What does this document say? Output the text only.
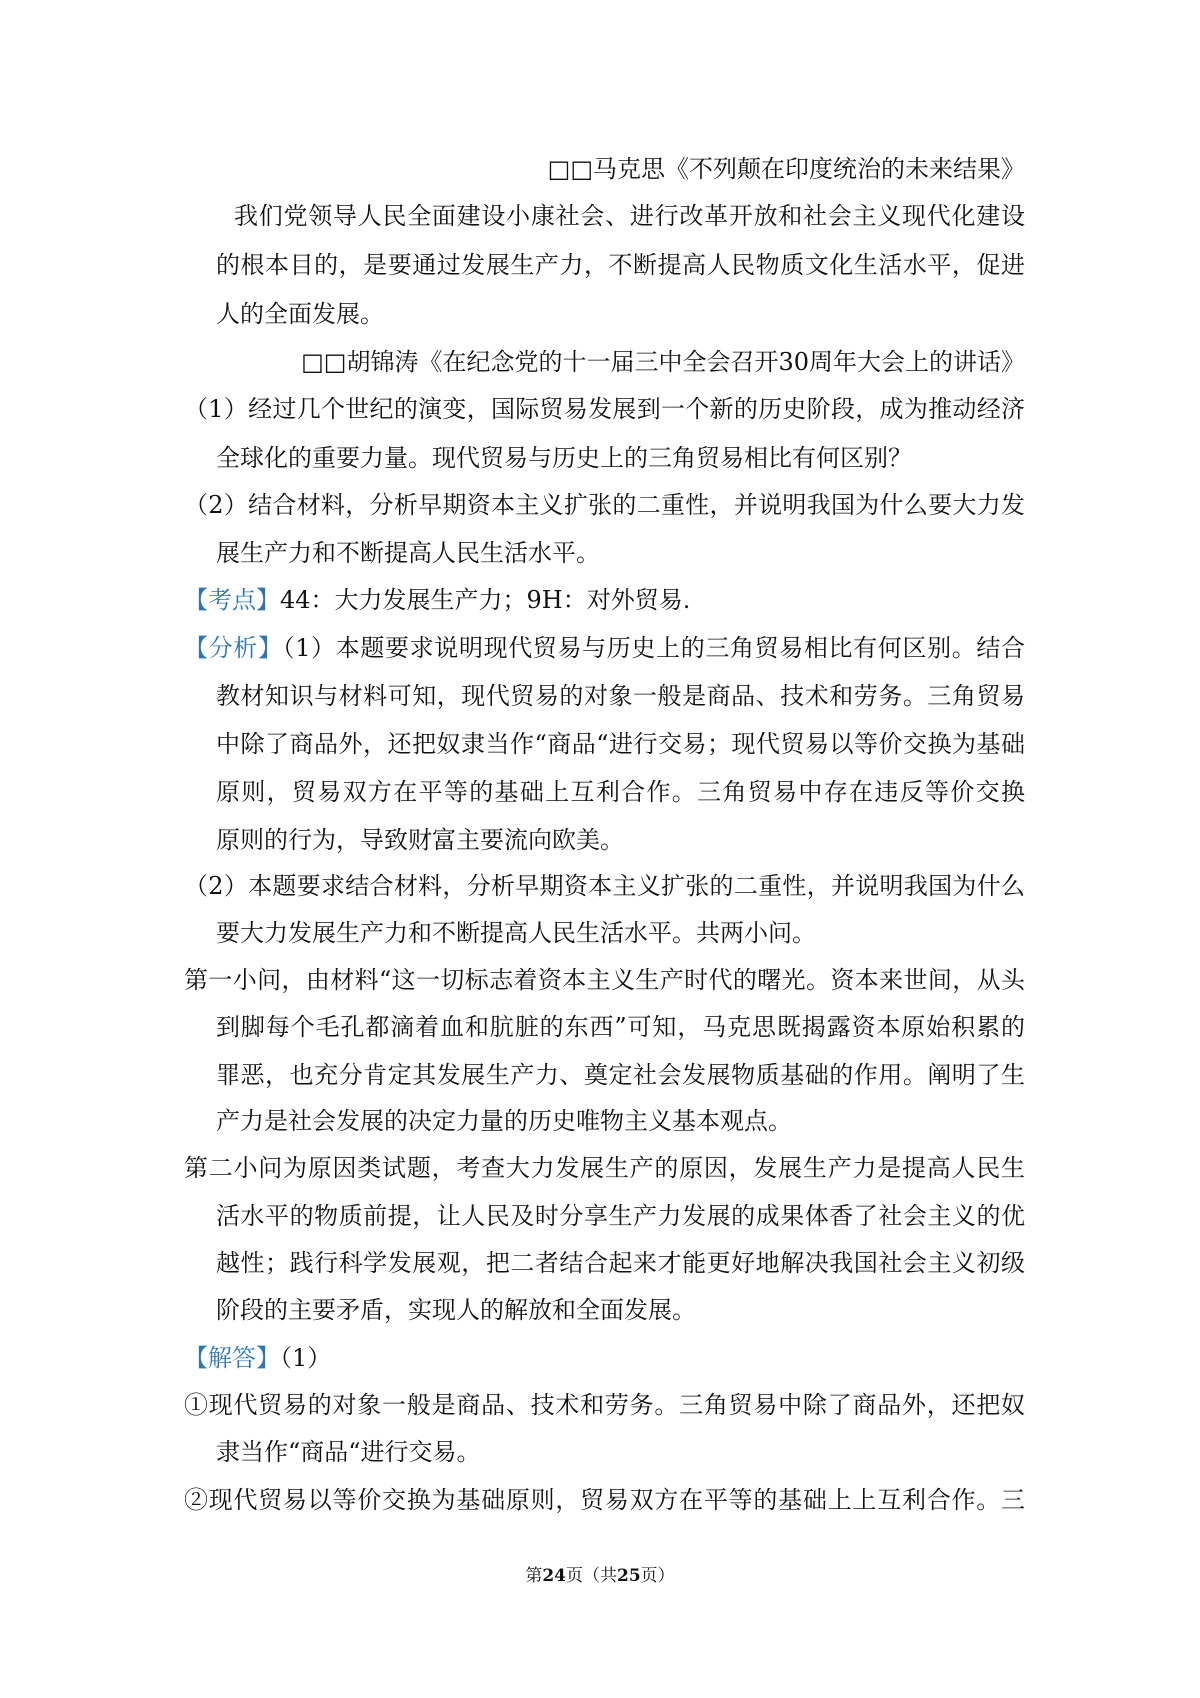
□□马克思《不列颠在印度统治的未来结果》
我们党领导人民全面建设小康社会、进行改革开放和社会主义现代化建设
的根本目的，是要通过发展生产力，不断提高人民物质文化生活水平，促进
人的全面发展。
□□胡锦涛《在纪念党的十一届三中全会召开30周年大会上的讲话》
（1）经过几个世纪的演变，国际贸易发展到一个新的历史阶段，成为推动经济
全球化的重要力量。现代贸易与历史上的三角贸易相比有何区别？
（2）结合材料，分析早期资本主义扩张的二重性，并说明我国为什么要大力发
展生产力和不断提高人民生活水平。
【考点】44：大力发展生产力；9H：对外贸易.
【分析】（1）本题要求说明现代贸易与历史上的三角贸易相比有何区别。结合
教材知识与材料可知，现代贸易的对象一般是商品、技术和劳务。三角贸易
中除了商品外，还把奴隶当作“商品“进行交易；现代贸易以等价交换为基础
原则，贸易双方在平等的基础上互利合作。三角贸易中存在违反等价交换
原则的行为，导致财富主要流向欧美。
（2）本题要求结合材料，分析早期资本主义扩张的二重性，并说明我国为什么
要大力发展生产力和不断提高人民生活水平。共两小问。
第一小问，由材料“这一切标志着资本主义生产时代的曙光。资本来世间，从头
到脚每个毛孔都滴着血和肮脏的东西”可知，马克思既揭露资本原始积累的
罪恶，也充分肯定其发展生产力、奠定社会发展物质基础的作用。阐明了生
产力是社会发展的决定力量的历史唯物主义基本观点。
第二小问为原因类试题，考查大力发展生产的原因，发展生产力是提高人民生
活水平的物质前提，让人民及时分享生产力发展的成果体香了社会主义的优
越性；践行科学发展观，把二者结合起来才能更好地解决我国社会主义初级
阶段的主要矛盾，实现人的解放和全面发展。
【解答】（1）
①现代贸易的对象一般是商品、技术和劳务。三角贸易中除了商品外，还把奴
隶当作“商品“进行交易。
②现代贸易以等价交换为基础原则，贸易双方在平等的基础上上互利合作。三
第24页（共25页）
